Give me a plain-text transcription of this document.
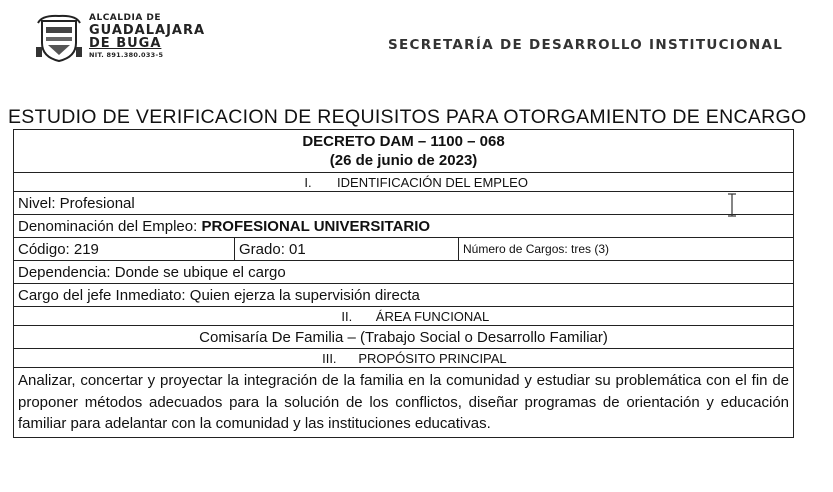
ALCALDIA DE
GUADALAJARA
DE BUGA
NIT. 891.380.033-5
SECRETARÍA DE DESARROLLO INSTITUCIONAL
ESTUDIO DE VERIFICACION DE REQUISITOS PARA OTORGAMIENTO DE ENCARGO
DECRETO DAM – 1100 – 068
(26 de junio de 2023)

I. IDENTIFICACIÓN DEL EMPLEO
Nivel: Profesional
Denominación del Empleo: PROFESIONAL UNIVERSITARIO
Código: 219	Grado: 01	Número de Cargos: tres (3)
Dependencia: Donde se ubique el cargo
Cargo del jefe Inmediato: Quien ejerza la supervisión directa
II. ÁREA FUNCIONAL
Comisaría De Familia – (Trabajo Social o Desarrollo Familiar)
III. PROPÓSITO PRINCIPAL
Analizar, concertar y proyectar la integración de la familia en la comunidad y estudiar su problemática con el fin de proponer métodos adecuados para la solución de los conflictos, diseñar programas de orientación y educación familiar para adelantar con la comunidad y las instituciones educativas.
